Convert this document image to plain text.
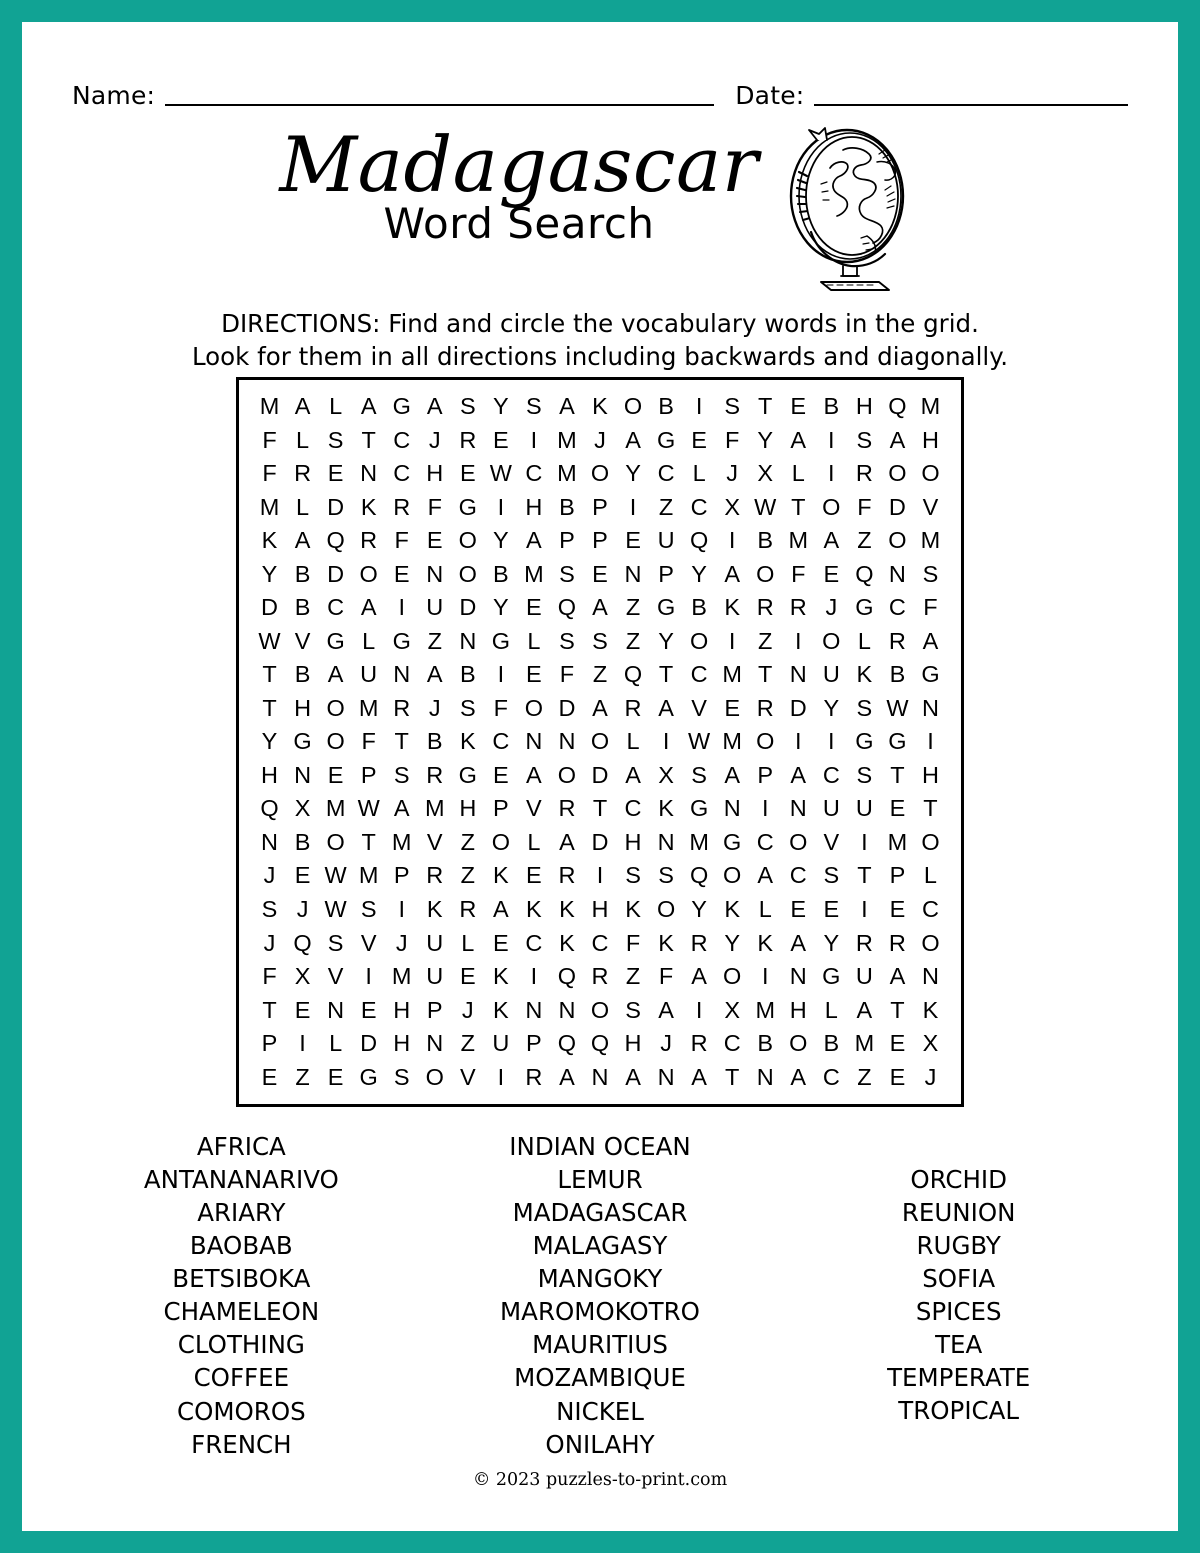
Name:	Date:
Madagascar
Word Search
DIRECTIONS: Find and circle the vocabulary words in the grid.
Look for them in all directions including backwards and diagonally.
M A L A G A S Y S A K O B I S T E B H Q M
F L S T C J R E I M J A G E F Y A I S A H
F R E N C H E W C M O Y C L J X L I R O O
M L D K R F G I H B P I Z C X W T O F D V
K A Q R F E O Y A P P E U Q I B M A Z O M
Y B D O E N O B M S E N P Y A O F E Q N S
D B C A I U D Y E Q A Z G B K R R J G C F
W V G L G Z N G L S S Z Y O I Z I O L R A
T B A U N A B I E F Z Q T C M T N U K B G
T H O M R J S F O D A R A V E R D Y S W N
Y G O F T B K C N N O L I W M O I	I G G I
H N E P S R G E A O D A X S A P A C S T H
Q X M W A M H P V R T C K G N I N U U E T
N B O T M V Z O L A D H N M G C O V I M O
J E W M P R Z K E R I S S Q O A C S T P L
S J W S I K R A K K H K O Y K L E E I E C
J Q S V J U L E C K C F K R Y K A Y R R O
F X V I M U E K I Q R Z F A O I N G U A N
T E N E H P J K N N O S A I X M H L A T K
P I L D H N Z U P Q Q H J R C B O B M E X
E Z E G S O V I R A N A N A T N A C Z E J
AFRICA
ANTANANARIVO
ARIARY
BAOBAB
BETSIBOKA
CHAMELEON
CLOTHING
COFFEE
COMOROS
FRENCH
INDIAN OCEAN
LEMUR
MADAGASCAR
MALAGASY
MANGOKY
MAROMOKOTRO
MAURITIUS
MOZAMBIQUE
NICKEL
ONILAHY
ORCHID
REUNION
RUGBY
SOFIA
SPICES
TEA
TEMPERATE
TROPICAL
© 2023 puzzles-to-print.com
